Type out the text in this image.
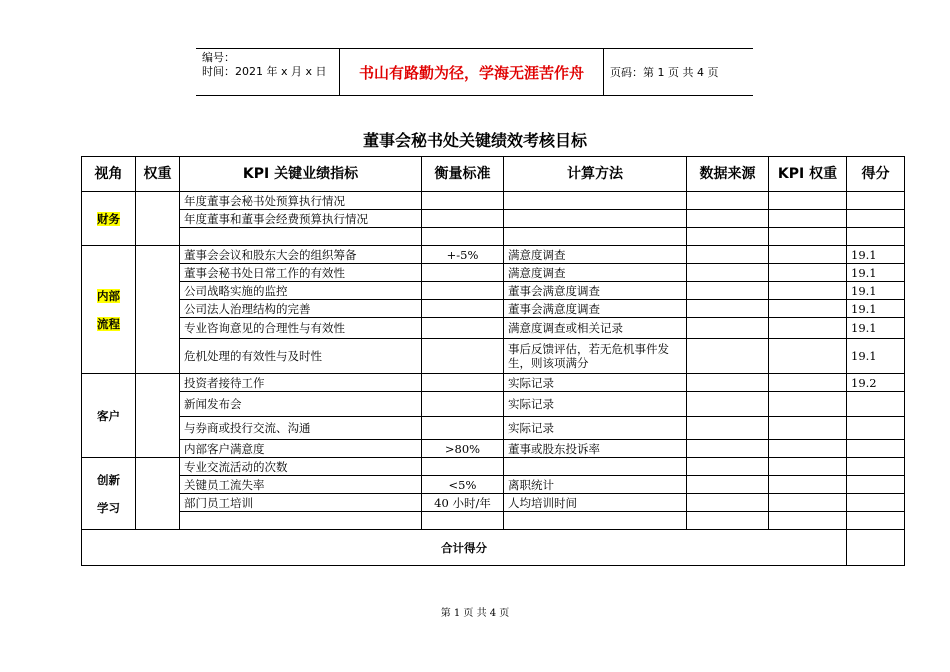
编号：
时间：2021 年 x 月 x 日	书山有路勤为径，学海无涯苦作舟	页码：第 1 页 共 4 页
董事会秘书处关键绩效考核目标
视角	权重	KPI 关键业绩指标	衡量标准	计算方法	数据来源	KPI 权重	得分
财务		年度董事会秘书处预算执行情况					
		年度董事和董事会经费预算执行情况					

内部

流程		董事会会议和股东大会的组织筹备	+-5%	满意度调查			19.1
		董事会秘书处日常工作的有效性		满意度调查			19.1
		公司战略实施的监控		董事会满意度调查			19.1
		公司法人治理结构的完善		董事会满意度调查			19.1
		专业咨询意见的合理性与有效性		满意度调查或相关记录			19.1
		危机处理的有效性与及时性		事后反馈评估，若无危机事件发生，则该项满分			19.1
客户		投资者接待工作		实际记录			19.2
		新闻发布会		实际记录			
		与券商或投行交流、沟通		实际记录			
		内部客户满意度	>80%	董事或股东投诉率			
创新

学习		专业交流活动的次数					
		关键员工流失率	<5%	离职统计			
		部门员工培训	40 小时/年	人均培训时间			

合计得分							
第 1 页 共 4 页
